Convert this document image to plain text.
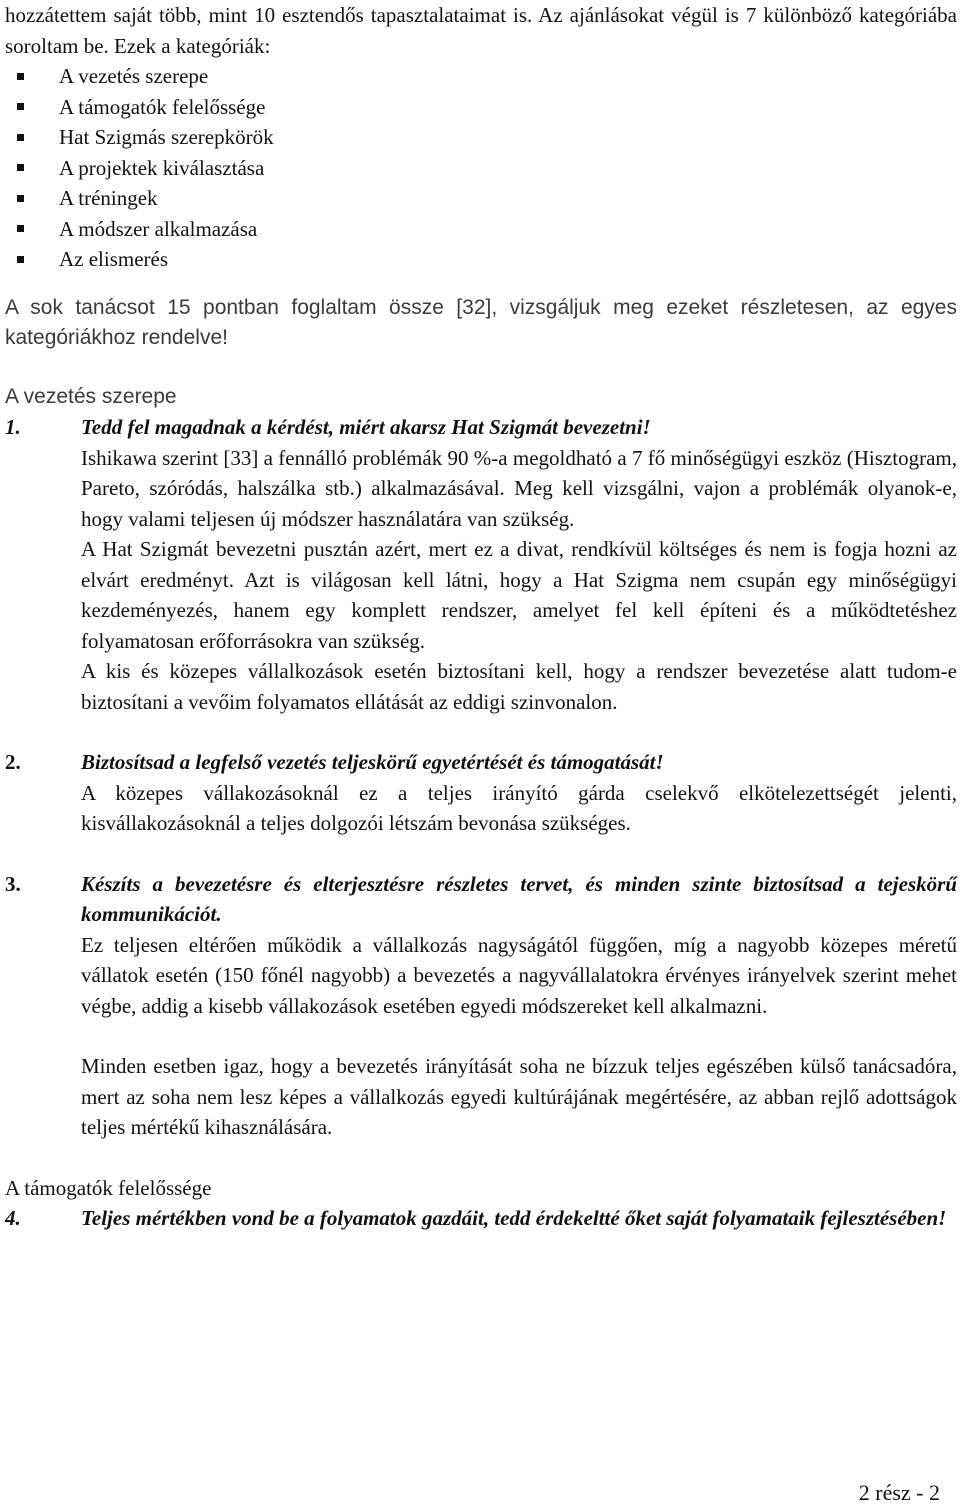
hozzátettem saját több, mint 10 esztendős tapasztalataimat is. Az ajánlásokat végül is 7 különböző kategóriába soroltam be. Ezek a kategóriák:

A vezetés szerepe
A támogatók felelőssége
Hat Szigmás szerepkörök
A projektek kiválasztása
A tréningek
A módszer alkalmazása
Az elismerés

A sok tanácsot 15 pontban foglaltam össze [32], vizsgáljuk meg ezeket részletesen, az egyes kategóriákhoz rendelve!

A vezetés szerepe
1.	Tedd fel magadnak a kérdést, miért akarsz Hat Szigmát bevezetni!

Ishikawa szerint [33] a fennálló problémák 90 %-a megoldható a 7 fő minőségügyi eszköz (Hisztogram, Pareto, szóródás, halszálka stb.) alkalmazásával. Meg kell vizsgálni, vajon a problémák olyanok-e, hogy valami teljesen új módszer használatára van szükség.

A Hat Szigmát bevezetni pusztán azért, mert ez a divat, rendkívül költséges és nem is fogja hozni az elvárt eredményt. Azt is világosan kell látni, hogy a Hat Szigma nem csupán egy minőségügyi kezdeményezés, hanem egy komplett rendszer, amelyet fel kell építeni és a működtetéshez folyamatosan erőforrásokra van szükség.

A kis és közepes vállalkozások esetén biztosítani kell, hogy a rendszer bevezetése alatt tudom-e biztosítani a vevőim folyamatos ellátását az eddigi szinvonalon.

2.	Biztosítsad a legfelső vezetés teljeskörű egyetértését és támogatását!

A közepes vállakozásoknál ez a teljes irányító gárda cselekvő elkötelezettségét jelenti, kisvállakozásoknál a teljes dolgozói létszám bevonása szükséges.

3.	Készíts a bevezetésre és elterjesztésre részletes tervet, és minden szinte biztosítsad a tejeskörű kommunikációt.

Ez teljesen eltérően működik a vállalkozás nagyságától függően, míg a nagyobb közepes méretű vállatok esetén (150 főnél nagyobb) a bevezetés a nagyvállalatokra érvényes irányelvek szerint mehet végbe, addig a kisebb vállakozások esetében egyedi módszereket kell alkalmazni.

Minden esetben igaz, hogy a bevezetés irányítását soha ne bízzuk teljes egészében külső tanácsadóra, mert az soha nem lesz képes a vállalkozás egyedi kultúrájának megértésére, az abban rejlő adottságok teljes mértékű kihasználására.

A támogatók felelőssége
4.	Teljes mértékben vond be a folyamatok gazdáit, tedd érdekeltté őket saját folyamataik fejlesztésében!
2 rész - 2
